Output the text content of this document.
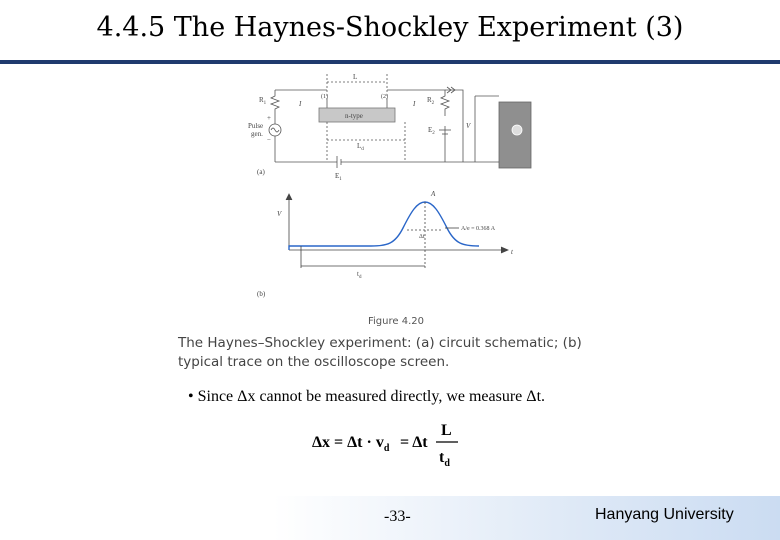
4.4.5 The Haynes-Shockley Experiment (3)
L
$R_1$	$R_2$
(1)	(2)
n-type
Pulse
gen.
+
−
I	I
$L_d$
$E_1$
$E_2$
V
(a)
V
A
Δt
A/e = 0.368 A
$t_d$
t
(b)
Figure 4.20
The Haynes–Shockley experiment: (a) circuit schematic; (b) typical trace on the oscilloscope screen.
• Since Δx cannot be measured directly, we measure Δt.
$\Delta x = \Delta t \cdot v_d = \Delta t$
L
$t_d$
-33-	Hanyang University
